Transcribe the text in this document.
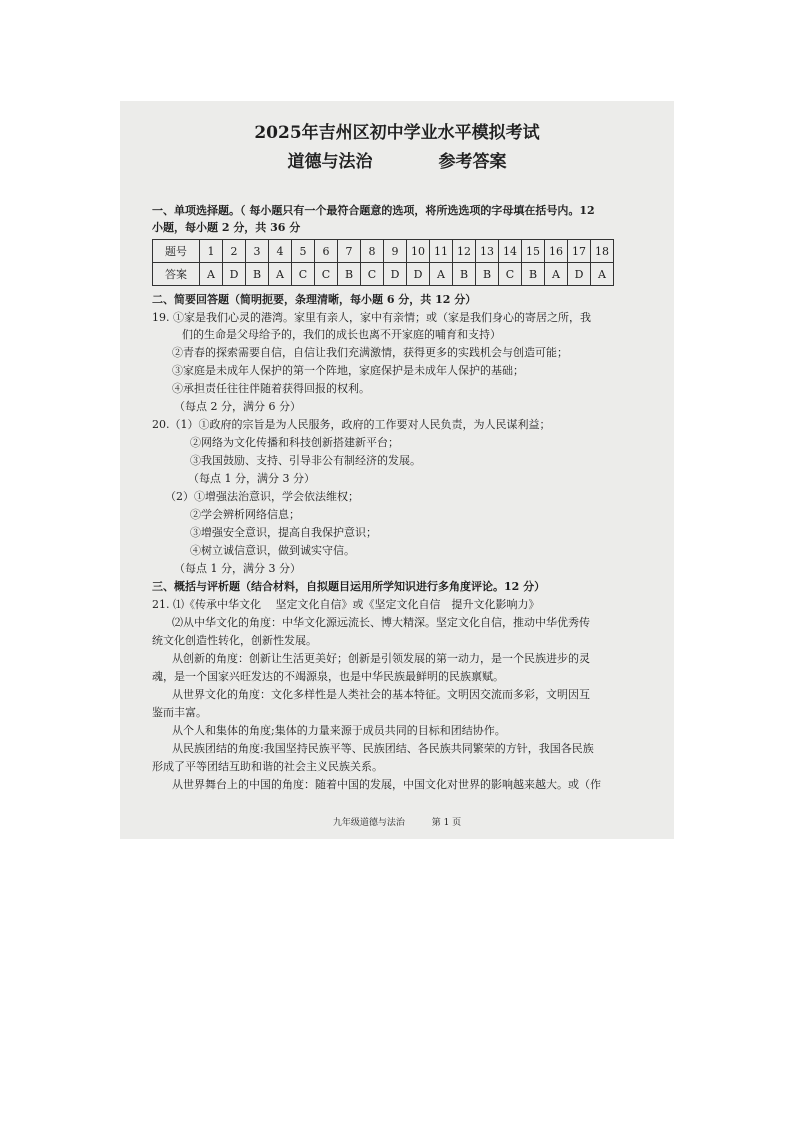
2025年吉州区初中学业水平模拟考试
道德与法治	参考答案
一、单项选择题。（ 每小题只有一个最符合题意的选项，将所选选项的字母填在括号内。12
小题，每小题 2 分，共 36 分
题号	1	2	3	4	5	6	7	8	9	10	11	12	13	14	15	16	17	18
答案	A	D	B	A	C	C	B	C	D	D	A	B	B	C	B	A	D	A
二、简要回答题（简明扼要，条理清晰，每小题 6 分，共 12 分）
19. ①家是我们心灵的港湾。家里有亲人，家中有亲情；或（家是我们身心的寄居之所，我
们的生命是父母给予的，我们的成长也离不开家庭的哺育和支持）
②青春的探索需要自信，自信让我们充满激情，获得更多的实践机会与创造可能；
③家庭是未成年人保护的第一个阵地，家庭保护是未成年人保护的基础；
④承担责任往往伴随着获得回报的权利。
（每点 2 分，满分 6 分）
20.（1）①政府的宗旨是为人民服务，政府的工作要对人民负责，为人民谋利益；
②网络为文化传播和科技创新搭建新平台；
③我国鼓励、支持、引导非公有制经济的发展。
（每点 1 分，满分 3 分）
（2）①增强法治意识，学会依法维权；
②学会辨析网络信息；
③增强安全意识，提高自我保护意识；
④树立诚信意识，做到诚实守信。
（每点 1 分，满分 3 分）
三、概括与评析题（结合材料，自拟题目运用所学知识进行多角度评论。12 分）
21. ⑴《传承中华文化　 坚定文化自信》或《坚定文化自信　提升文化影响力》
⑵从中华文化的角度：中华文化源远流长、博大精深。坚定文化自信，推动中华优秀传
统文化创造性转化，创新性发展。
从创新的角度：创新让生活更美好；创新是引领发展的第一动力，是一个民族进步的灵
魂，是一个国家兴旺发达的不竭源泉，也是中华民族最鲜明的民族禀赋。
从世界文化的角度：文化多样性是人类社会的基本特征。文明因交流而多彩，文明因互
鉴而丰富。
从个人和集体的角度;集体的力量来源于成员共同的目标和团结协作。
从民族团结的角度:我国坚持民族平等、民族团结、各民族共同繁荣的方针，我国各民族
形成了平等团结互助和谐的社会主义民族关系。
从世界舞台上的中国的角度：随着中国的发展，中国文化对世界的影响越来越大。或（作
九年级道德与法治	第 1 页
